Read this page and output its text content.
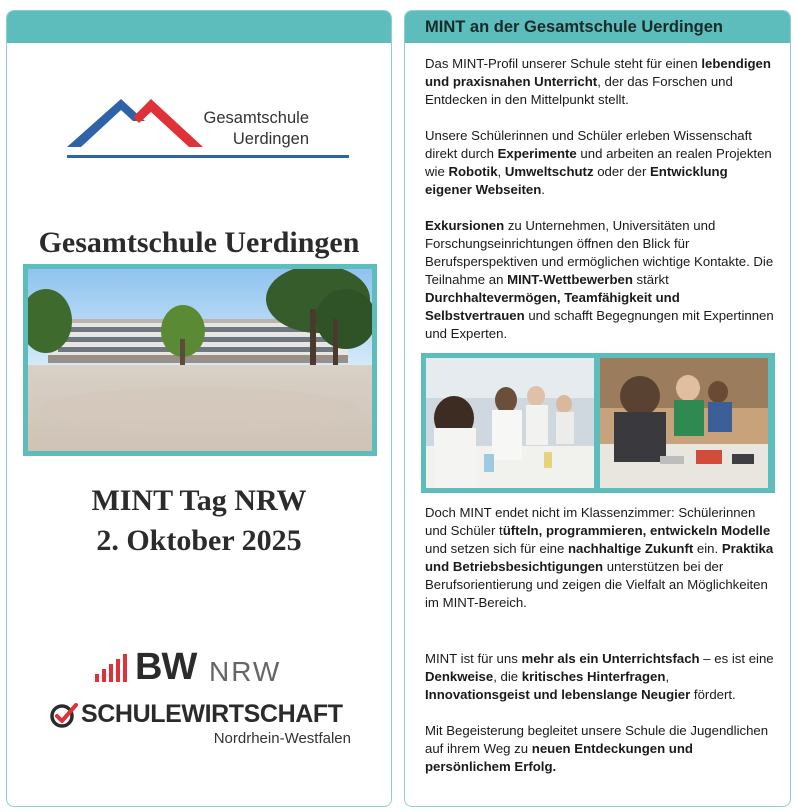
Gesamtschule
Uerdingen
Gesamtschule Uerdingen
MINT Tag NRW
2. Oktober 2025
BW NRW
SCHULEWIRTSCHAFT
Nordrhein-Westfalen
MINT an der Gesamtschule Uerdingen
Das MINT-Profil unserer Schule steht für einen lebendigen und praxisnahen Unterricht, der das Forschen und Entdecken in den Mittelpunkt stellt.
Unsere Schülerinnen und Schüler erleben Wissenschaft direkt durch Experimente und arbeiten an realen Projekten wie Robotik, Umweltschutz oder der Entwicklung eigener Webseiten.
Exkursionen zu Unternehmen, Universitäten und Forschungseinrichtungen öffnen den Blick für Berufsperspektiven und ermöglichen wichtige Kontakte. Die Teilnahme an MINT-Wettbewerben stärkt Durchhaltevermögen, Teamfähigkeit und Selbstvertrauen und schafft Begegnungen mit Expertinnen und Experten.
Doch MINT endet nicht im Klassenzimmer: Schülerinnen und Schüler tüfteln, programmieren, entwickeln Modelle und setzen sich für eine nachhaltige Zukunft ein. Praktika und Betriebsbesichtigungen unterstützen bei der Berufsorientierung und zeigen die Vielfalt an Möglichkeiten im MINT-Bereich.
MINT ist für uns mehr als ein Unterrichtsfach – es ist eine Denkweise, die kritisches Hinterfragen, Innovationsgeist und lebenslange Neugier fördert.
Mit Begeisterung begleitet unsere Schule die Jugendlichen auf ihrem Weg zu neuen Entdeckungen und persönlichem Erfolg.
